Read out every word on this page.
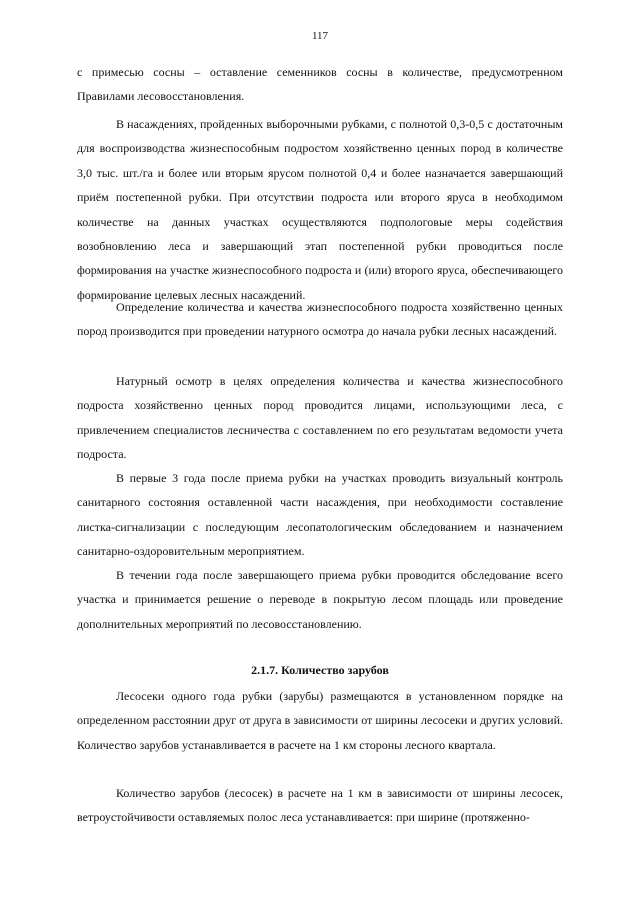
117

с примесью сосны – оставление семенников сосны в количестве, предусмотренном Правилами лесовосстановления.

В насаждениях, пройденных выборочными рубками, с полнотой 0,3-0,5 с достаточным для воспроизводства жизнеспособным подростом хозяйственно ценных пород в количестве 3,0 тыс. шт./га и более или вторым ярусом полнотой 0,4 и более назначается завершающий приём постепенной рубки. При отсутствии подроста или второго яруса в необходимом количестве на данных участках осуществляются подпологовые меры содействия возобновлению леса и завершающий этап постепенной рубки проводиться после формирования на участке жизнеспособного подроста и (или) второго яруса, обеспечивающего формирование целевых лесных насаждений.

Определение количества и качества жизнеспособного подроста хозяйственно ценных пород производится при проведении натурного осмотра до начала рубки лесных насаждений.

Натурный осмотр в целях определения количества и качества жизнеспособного подроста хозяйственно ценных пород проводится лицами, использующими леса, с привлечением специалистов лесничества с составлением по его результатам ведомости учета подроста.

В первые 3 года после приема рубки на участках проводить визуальный контроль санитарного состояния оставленной части насаждения, при необходимости составление листка-сигнализации с последующим лесопатологическим обследованием и назначением санитарно-оздоровительным мероприятием.

В течении года после завершающего приема рубки проводится обследование всего участка и принимается решение о переводе в покрытую лесом площадь или проведение дополнительных мероприятий по лесовосстановлению.

2.1.7. Количество зарубов

Лесосеки одного года рубки (зарубы) размещаются в установленном порядке на определенном расстоянии друг от друга в зависимости от ширины лесосеки и других условий. Количество зарубов устанавливается в расчете на 1 км стороны лесного квартала.

Количество зарубов (лесосек) в расчете на 1 км в зависимости от ширины лесосек, ветроустойчивости оставляемых полос леса устанавливается: при ширине (протяженно-
